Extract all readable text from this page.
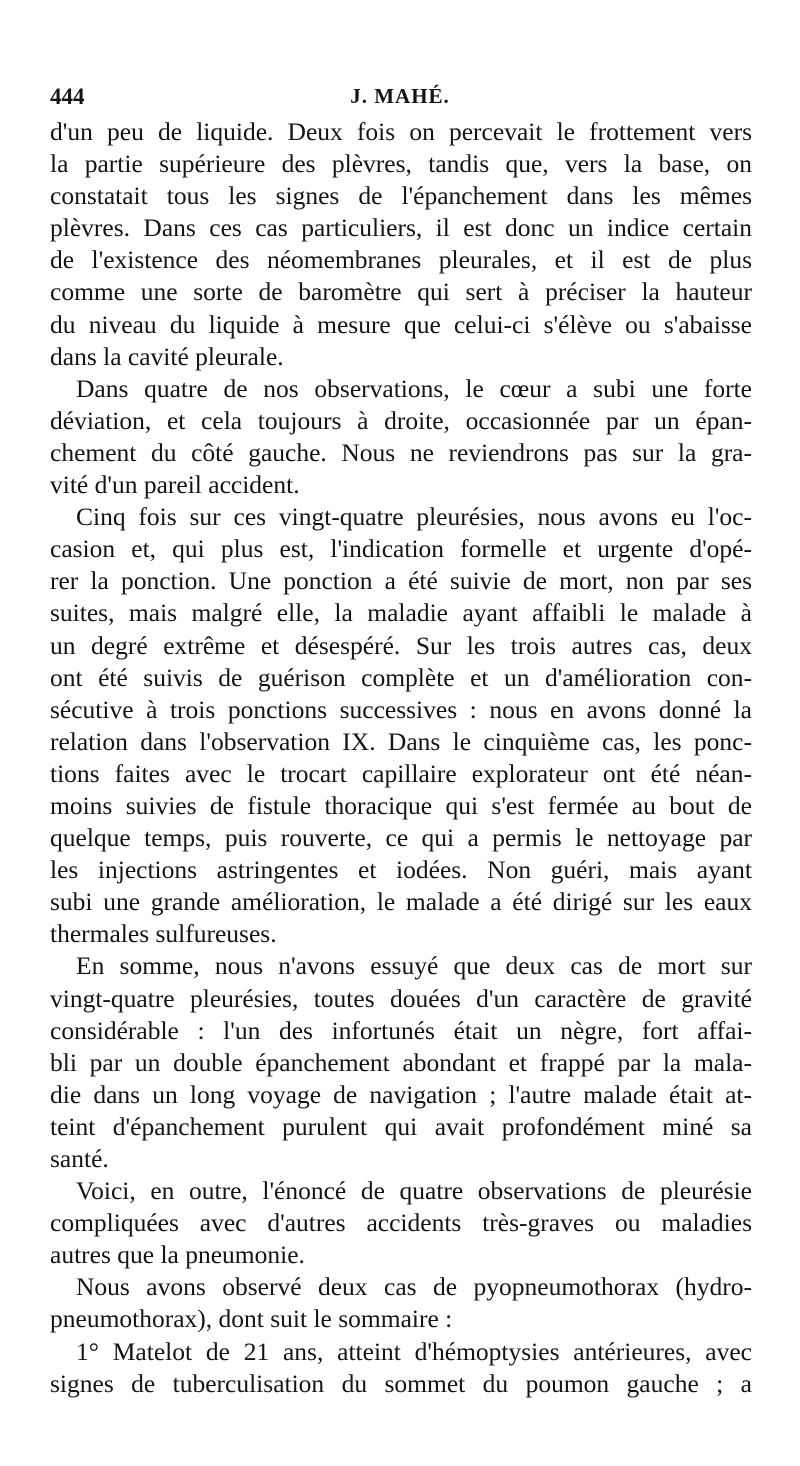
444	J. MAHÉ.
d'un peu de liquide. Deux fois on percevait le frottement vers
la partie supérieure des plèvres, tandis que, vers la base, on
constatait tous les signes de l'épanchement dans les mêmes
plèvres. Dans ces cas particuliers, il est donc un indice certain
de l'existence des néomembranes pleurales, et il est de plus
comme une sorte de baromètre qui sert à préciser la hauteur
du niveau du liquide à mesure que celui-ci s'élève ou s'abaisse
dans la cavité pleurale.
Dans quatre de nos observations, le cœur a subi une forte
déviation, et cela toujours à droite, occasionnée par un épan-
chement du côté gauche. Nous ne reviendrons pas sur la gra-
vité d'un pareil accident.
Cinq fois sur ces vingt-quatre pleurésies, nous avons eu l'oc-
casion et, qui plus est, l'indication formelle et urgente d'opé-
rer la ponction. Une ponction a été suivie de mort, non par ses
suites, mais malgré elle, la maladie ayant affaibli le malade à
un degré extrême et désespéré. Sur les trois autres cas, deux
ont été suivis de guérison complète et un d'amélioration con-
sécutive à trois ponctions successives : nous en avons donné la
relation dans l'observation IX. Dans le cinquième cas, les ponc-
tions faites avec le trocart capillaire explorateur ont été néan-
moins suivies de fistule thoracique qui s'est fermée au bout de
quelque temps, puis rouverte, ce qui a permis le nettoyage par
les injections astringentes et iodées. Non guéri, mais ayant
subi une grande amélioration, le malade a été dirigé sur les eaux
thermales sulfureuses.
En somme, nous n'avons essuyé que deux cas de mort sur
vingt-quatre pleurésies, toutes douées d'un caractère de gravité
considérable : l'un des infortunés était un nègre, fort affai-
bli par un double épanchement abondant et frappé par la mala-
die dans un long voyage de navigation ; l'autre malade était at-
teint d'épanchement purulent qui avait profondément miné sa
santé.
Voici, en outre, l'énoncé de quatre observations de pleurésie
compliquées avec d'autres accidents très-graves ou maladies
autres que la pneumonie.
Nous avons observé deux cas de pyopneumothorax (hydro-
pneumothorax), dont suit le sommaire :
1° Matelot de 21 ans, atteint d'hémoptysies antérieures, avec
signes de tuberculisation du sommet du poumon gauche ; a
